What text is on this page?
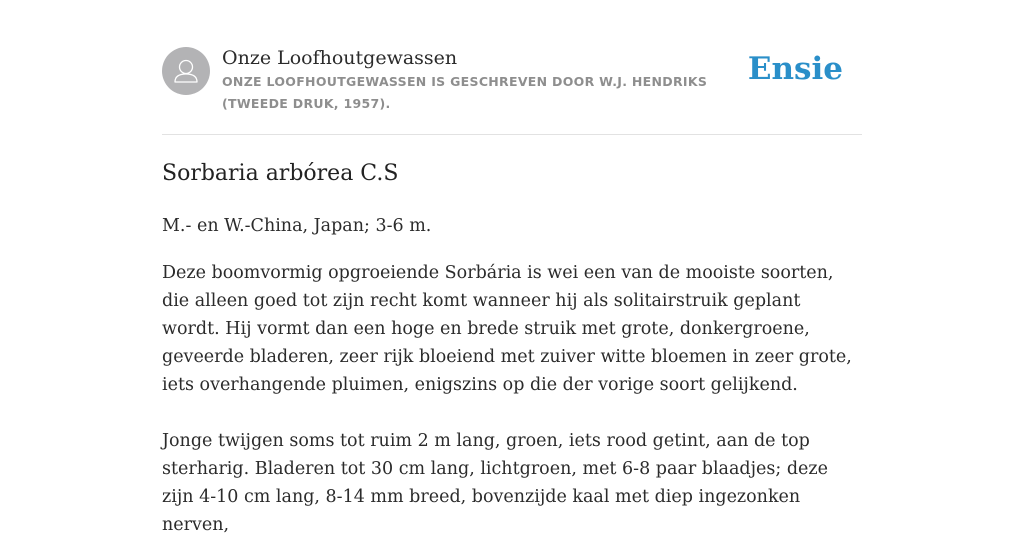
Onze Loofhoutgewassen
ONZE LOOFHOUTGEWASSEN IS GESCHREVEN DOOR W.J. HENDRIKS (TWEEDE DRUK, 1957).
Ensie
Sorbaria arbórea C.S

M.- en W.-China, Japan; 3-6 m.

Deze boomvormig opgroeiende Sorbária is wei een van de mooiste soorten, die alleen goed tot zijn recht komt wanneer hij als solitairstruik geplant wordt. Hij vormt dan een hoge en brede struik met grote, donkergroene, geveerde bladeren, zeer rijk bloeiend met zuiver witte bloemen in zeer grote, iets overhangende pluimen, enigszins op die der vorige soort gelijkend.

Jonge twijgen soms tot ruim 2 m lang, groen, iets rood getint, aan de top sterharig. Bladeren tot 30 cm lang, lichtgroen, met 6-8 paar blaadjes; deze zijn 4-10 cm lang, 8-14 mm breed, bovenzijde kaal met diep ingezonken nerven,
